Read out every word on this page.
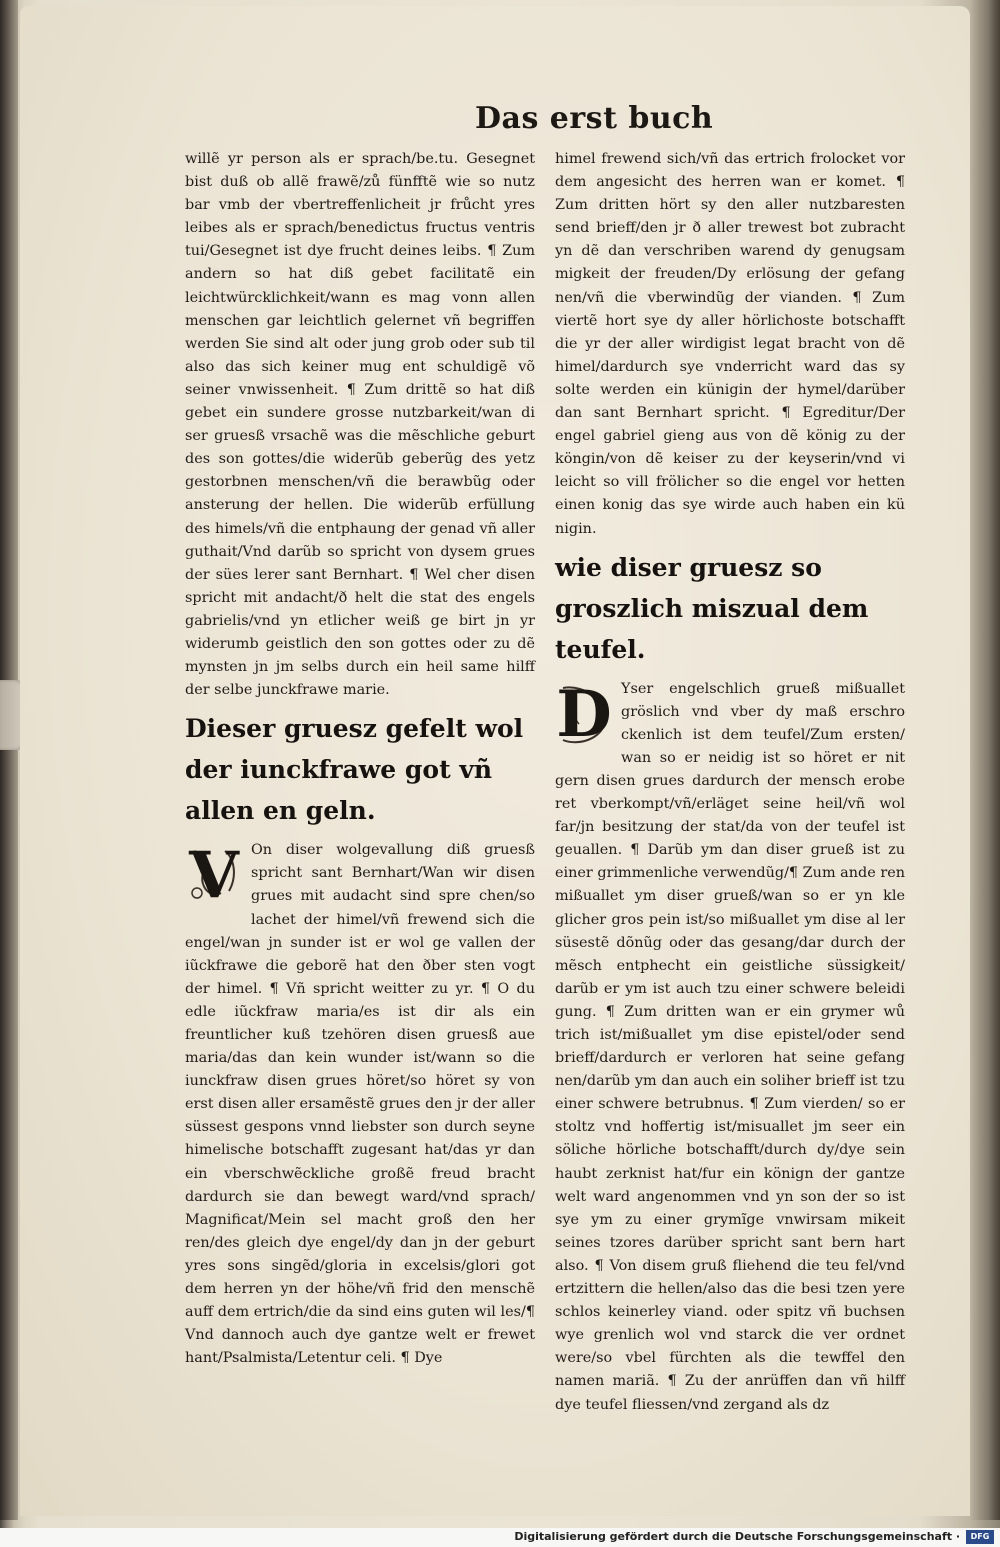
Das erst buch

willẽ yr person als er sprach/be.tu. Gesegnet bist duß ob allẽ frawẽ/zů fünfftẽ wie so nutz bar vmb der vbertreffenlicheit jr frůcht yres leibes als er sprach/benedictus fructus ventris tui/Gesegnet ist dye frucht deines leibs. ¶ Zum andern so hat diß gebet facilitatẽ ein leichtwürcklichkeit/wann es mag vonn allen menschen gar leichtlich gelernet vñ begriffen werden Sie sind alt oder jung grob oder sub til also das sich keiner mug ent schuldigẽ võ seiner vnwissenheit. ¶ Zum drittẽ so hat diß gebet ein sundere grosse nutzbarkeit/wan di ser gruesß vrsachẽ was die mẽschliche geburt des son gottes/die widerũb geberũg des yetz gestorbnen menschen/vñ die berawbũg oder ansterung der hellen. Die widerũb erfüllung des himels/vñ die entphaung der genad vñ aller guthait/Vnd darũb so spricht von dysem grues der sües lerer sant Bernhart. ¶ Wel cher disen spricht mit andacht/ð helt die stat des engels gabrielis/vnd yn etlicher weiß ge birt jn yr widerumb geistlich den son gottes oder zu dẽ mynsten jn jm selbs durch ein heil same hilff der selbe junckfrawe marie.

Dieser gruesz gefelt wol der iunckfrawe got vñ allen en geln.

V On diser wolgevallung diß gruesß spricht sant Bernhart/Wan wir disen grues mit audacht sind spre chen/so lachet der himel/vñ frewend sich die engel/wan jn sunder ist er wol ge vallen der iũckfrawe die geborẽ hat den ðber sten vogt der himel. ¶ Vñ spricht weitter zu yr. ¶ O du edle iũckfraw maria/es ist dir als ein freuntlicher kuß tzehören disen gruesß aue maria/das dan kein wunder ist/wann so die iunckfraw disen grues höret/so höret sy von erst disen aller ersamẽstẽ grues den jr der aller süssest gespons vnnd liebster son durch seyne himelische botschafft zugesant hat/das yr dan ein vberschwẽckliche großẽ freud bracht dardurch sie dan bewegt ward/vnd sprach/ Magnificat/Mein sel macht groß den her ren/des gleich dye engel/dy dan jn der geburt yres sons singẽd/gloria in excelsis/glori got dem herren yn der höhe/vñ frid den menschẽ auff dem ertrich/die da sind eins guten wil les/¶ Vnd dannoch auch dye gantze welt er frewet hant/Psalmista/Letentur celi. ¶ Dye

himel frewend sich/vñ das ertrich frolocket vor dem angesicht des herren wan er komet. ¶ Zum dritten hört sy den aller nutzbaresten send brieff/den jr ð aller trewest bot zubracht yn dẽ dan verschriben warend dy genugsam migkeit der freuden/Dy erlösung der gefang nen/vñ die vberwindũg der vianden. ¶ Zum viertẽ hort sye dy aller hörlichoste botschafft die yr der aller wirdigist legat bracht von dẽ himel/dardurch sye vnderricht ward das sy solte werden ein künigin der hymel/darüber dan sant Bernhart spricht. ¶ Egreditur/Der engel gabriel gieng aus von dẽ könig zu der köngin/von dẽ keiser zu der keyserin/vnd vi leicht so vill frölicher so die engel vor hetten einen konig das sye wirde auch haben ein kü nigin.

wie diser gruesz so groszlich miszual dem teufel.

D Yser engelschlich grueß mißuallet gröslich vnd vber dy maß erschro ckenlich ist dem teufel/Zum ersten/ wan so er neidig ist so höret er nit gern disen grues dardurch der mensch erobe ret vberkompt/vñ/erläget seine heil/vñ wol far/jn besitzung der stat/da von der teufel ist geuallen. ¶ Darũb ym dan diser grueß ist zu einer grimmenliche verwendũg/¶ Zum ande ren mißuallet ym diser grueß/wan so er yn kle glicher gros pein ist/so mißuallet ym dise al ler süsestẽ dõnũg oder das gesang/dar durch der mẽsch entphecht ein geistliche süssigkeit/ darũb er ym ist auch tzu einer schwere beleidi gung. ¶ Zum dritten wan er ein grymer wů trich ist/mißuallet ym dise epistel/oder send brieff/dardurch er verloren hat seine gefang nen/darũb ym dan auch ein soliher brieff ist tzu einer schwere betrubnus. ¶ Zum vierden/ so er stoltz vnd hoffertig ist/misuallet jm seer ein söliche hörliche botschafft/durch dy/dye sein haubt zerknist hat/fur ein könign der gantze welt ward angenommen vnd yn son der so ist sye ym zu einer grymĩge vnwirsam mikeit seines tzores darüber spricht sant bern hart also. ¶ Von disem gruß fliehend die teu fel/vnd ertzittern die hellen/also das die besi tzen yere schlos keinerley viand. oder spitz vñ buchsen wye grenlich wol vnd starck die ver ordnet were/so vbel fürchten als die tewffel den namen mariã. ¶ Zu der anrüffen dan vñ hilff dye teufel fliessen/vnd zergand als dz

Digitalisierung gefördert durch die Deutsche Forschungsgemeinschaft ·	DFG
